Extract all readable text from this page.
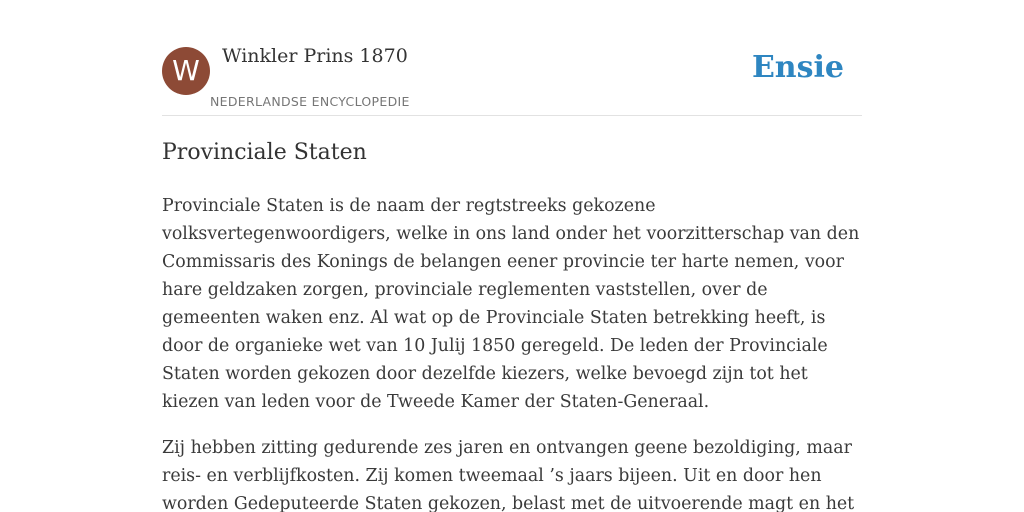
W	Winkler Prins 1870
NEDERLANDSE ENCYCLOPEDIE
Ensie
Provinciale Staten

Provinciale Staten is de naam der regtstreeks gekozene volksvertegenwoordigers, welke in ons land onder het voorzitterschap van den Commissaris des Konings de belangen eener provincie ter harte nemen, voor hare geldzaken zorgen, provinciale reglementen vaststellen, over de gemeenten waken enz. Al wat op de Provinciale Staten betrekking heeft, is door de organieke wet van 10 Julij 1850 geregeld. De leden der Provinciale Staten worden gekozen door dezelfde kiezers, welke bevoegd zijn tot het kiezen van leden voor de Tweede Kamer der Staten-Generaal.

Zij hebben zitting gedurende zes jaren en ontvangen geene bezoldiging, maar reis- en verblijfkosten. Zij komen tweemaal ’s jaars bijeen. Uit en door hen worden Gedeputeerde Staten gekozen, belast met de uitvoerende magt en het
